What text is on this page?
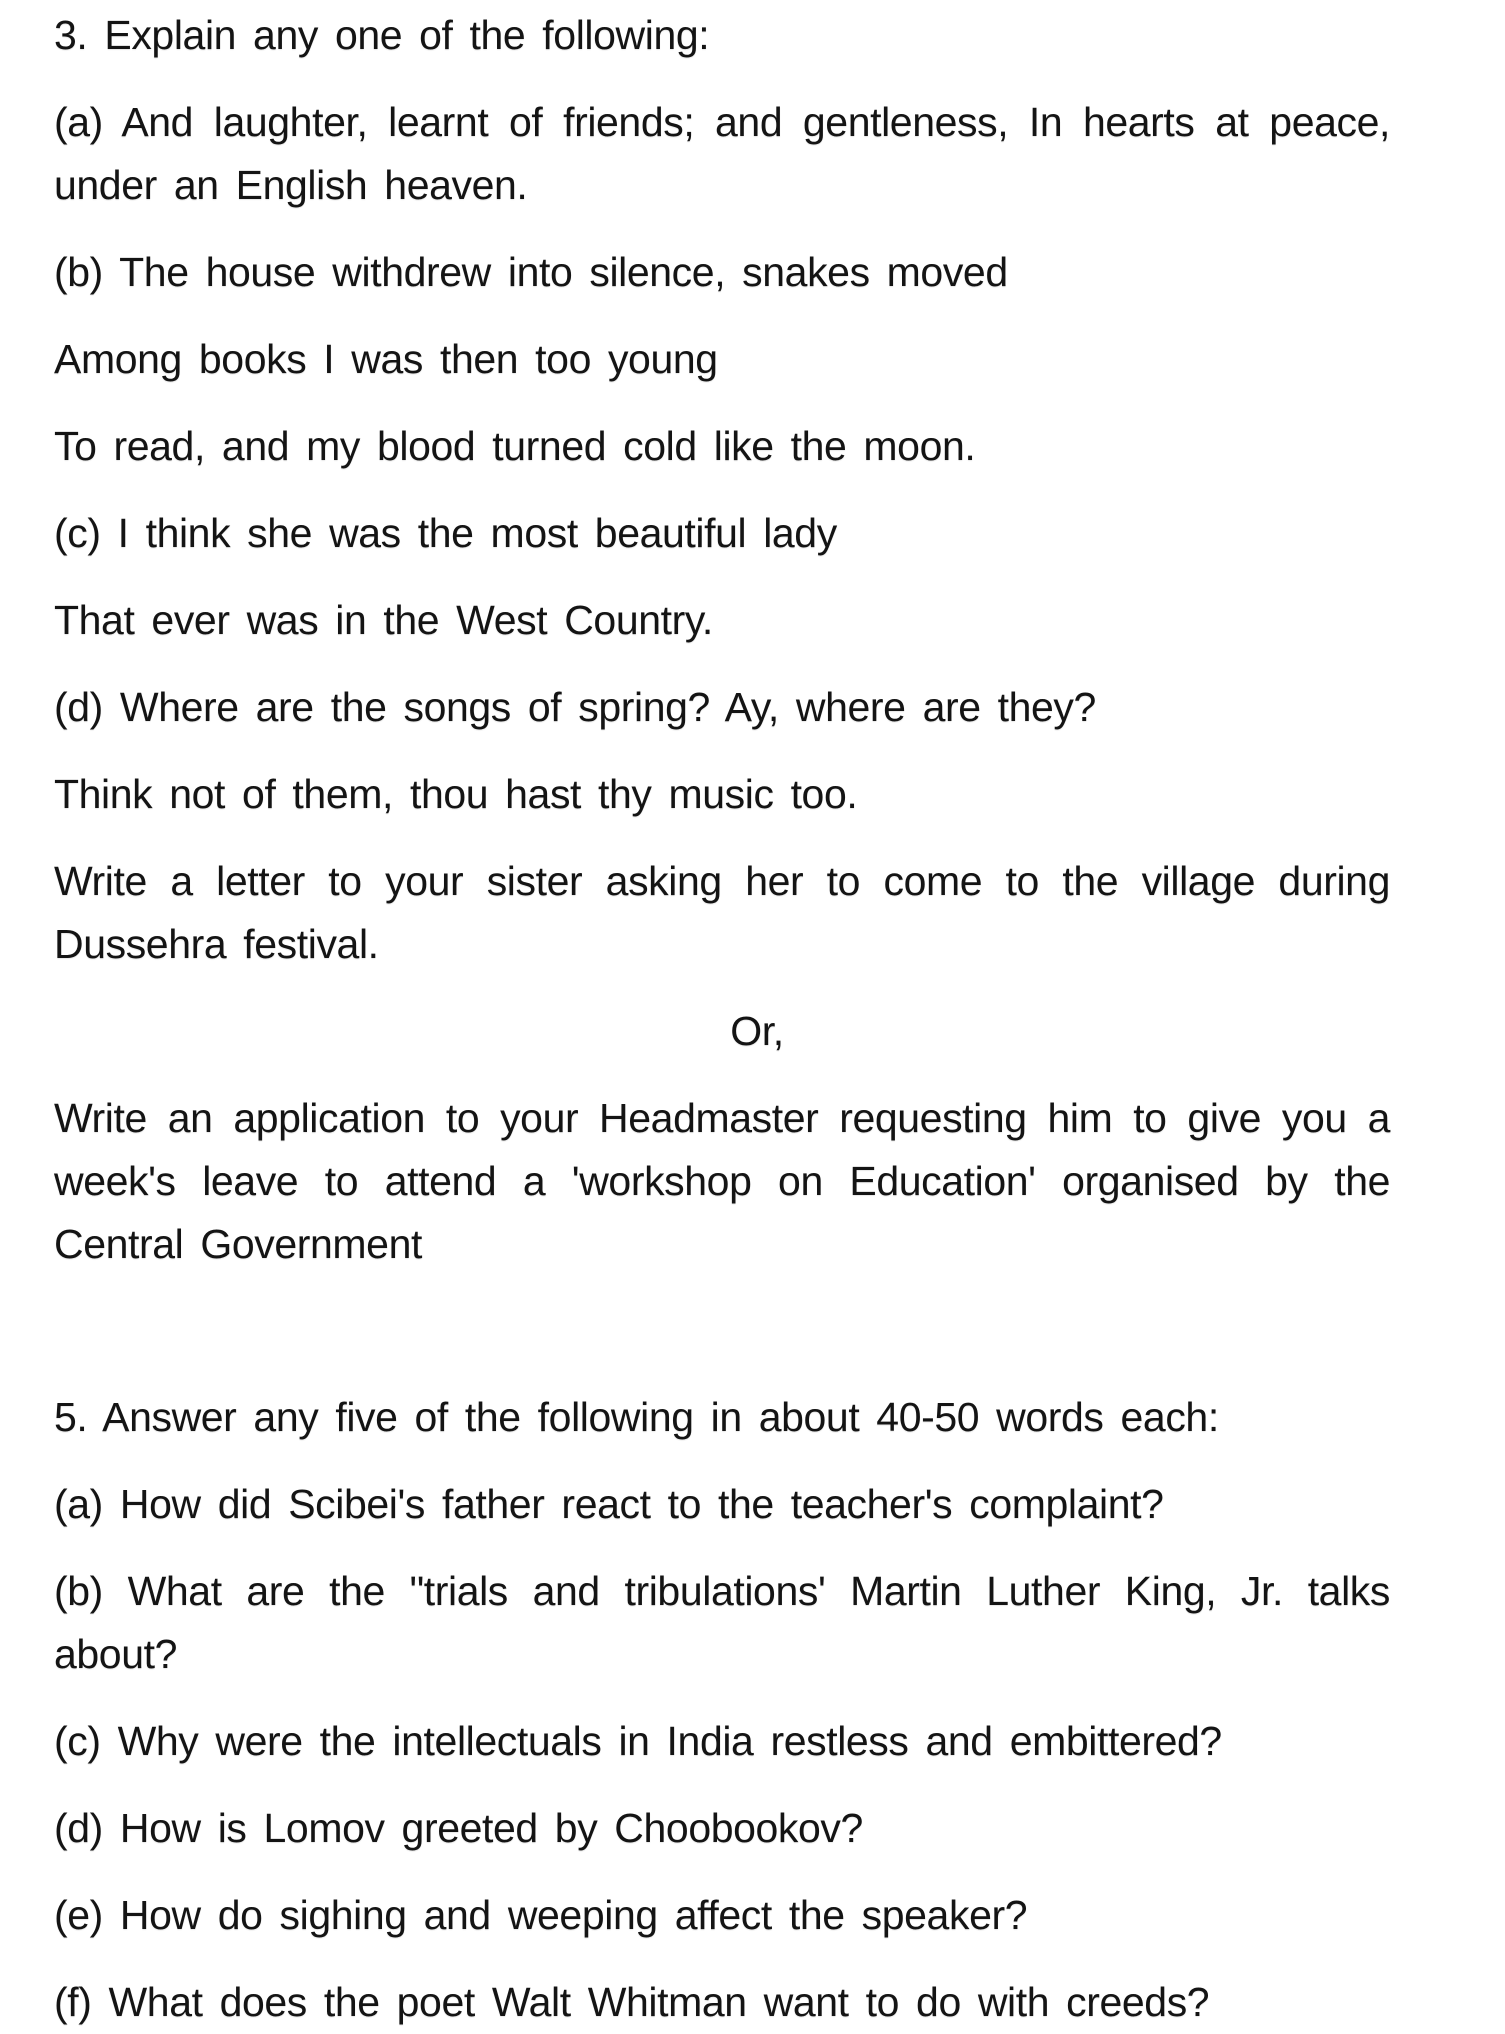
3. Explain any one of the following:
(a) And laughter, learnt of friends; and gentleness, In hearts at peace,
under an English heaven.
(b) The house withdrew into silence, snakes moved
Among books I was then too young
To read, and my blood turned cold like the moon.
(c) I think she was the most beautiful lady
That ever was in the West Country.
(d) Where are the songs of spring? Ay, where are they?
Think not of them, thou hast thy music too.
Write a letter to your sister asking her to come to the village during
Dussehra festival.
Or,
Write an application to your Headmaster requesting him to give you a
week's leave to attend a 'workshop on Education' organised by the
Central Government
5. Answer any five of the following in about 40-50 words each:
(a) How did Scibei's father react to the teacher's complaint?
(b) What are the "trials and tribulations' Martin Luther King, Jr. talks
about?
(c) Why were the intellectuals in India restless and embittered?
(d) How is Lomov greeted by Choobookov?
(e) How do sighing and weeping affect the speaker?
(f) What does the poet Walt Whitman want to do with creeds?
